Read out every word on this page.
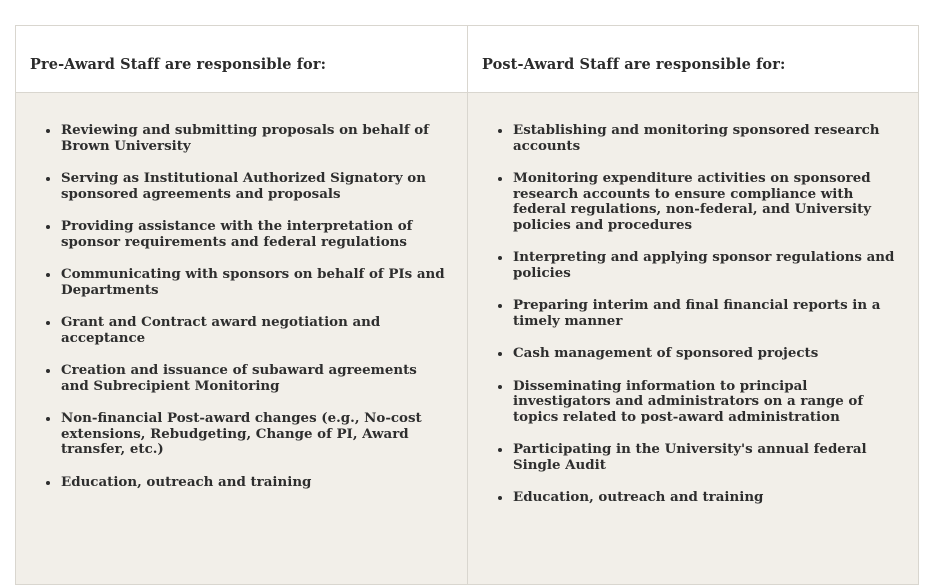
Pre-Award Staff are responsible for:
Reviewing and submitting proposals on behalf of Brown University
Serving as Institutional Authorized Signatory on sponsored agreements and proposals
Providing assistance with the interpretation of sponsor requirements and federal regulations
Communicating with sponsors on behalf of PIs and Departments
Grant and Contract award negotiation and acceptance
Creation and issuance of subaward agreements and Subrecipient Monitoring
Non-financial Post-award changes (e.g., No-cost extensions, Rebudgeting, Change of PI, Award transfer, etc.)
Education, outreach and training
Post-Award Staff are responsible for:
Establishing and monitoring sponsored research accounts
Monitoring expenditure activities on sponsored research accounts to ensure compliance with federal regulations, non-federal, and University policies and procedures
Interpreting and applying sponsor regulations and policies
Preparing interim and final financial reports in a timely manner
Cash management of sponsored projects
Disseminating information to principal investigators and administrators on a range of topics related to post-award administration
Participating in the University's annual federal Single Audit
Education, outreach and training
